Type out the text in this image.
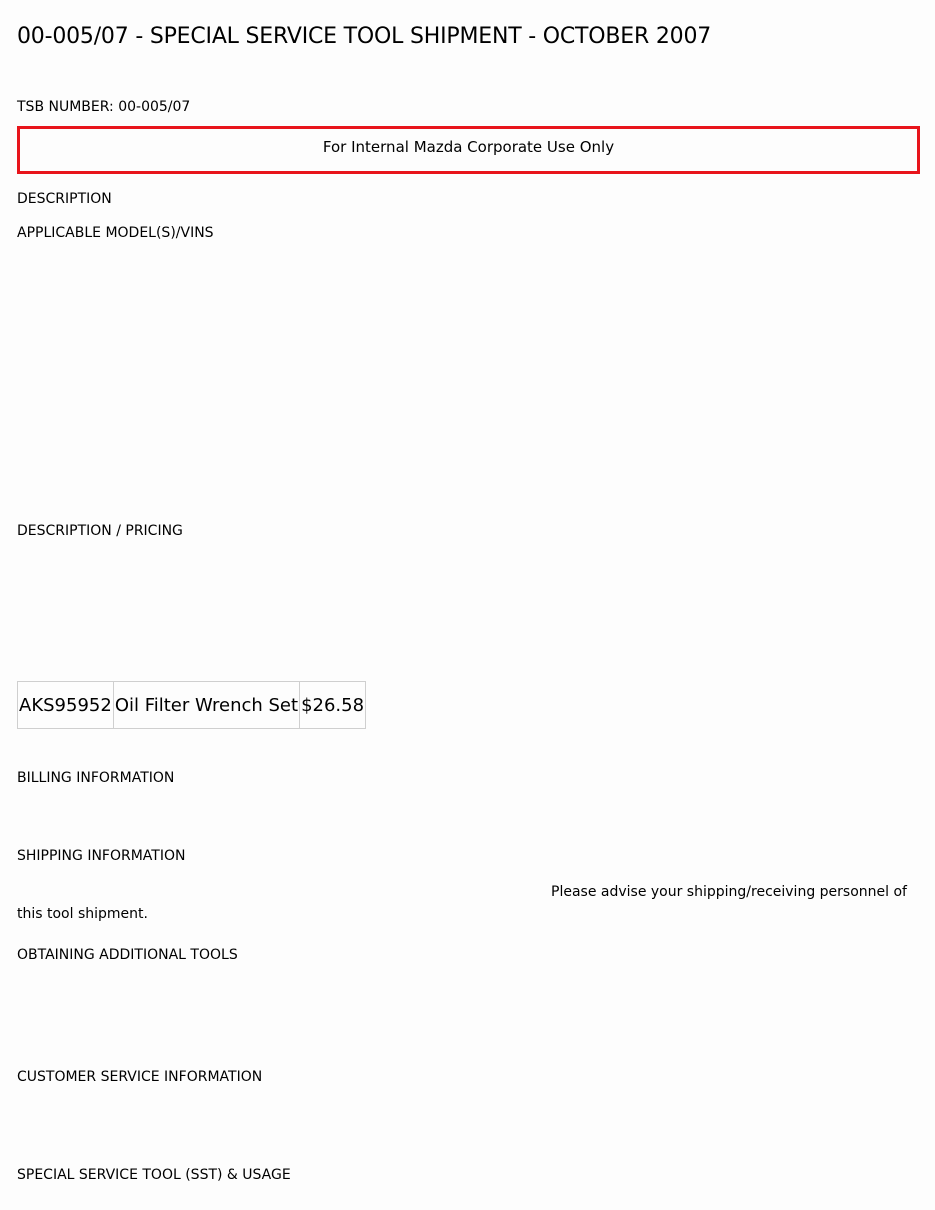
00-005/07 - SPECIAL SERVICE TOOL SHIPMENT - OCTOBER 2007
TSB NUMBER: 00-005/07
For Internal Mazda Corporate Use Only
DESCRIPTION
APPLICABLE MODEL(S)/VINS
DESCRIPTION / PRICING
AKS95952	Oil Filter Wrench Set	$26.58
BILLING INFORMATION
SHIPPING INFORMATION
Please advise your shipping/receiving personnel of this tool shipment.
OBTAINING ADDITIONAL TOOLS
CUSTOMER SERVICE INFORMATION
SPECIAL SERVICE TOOL (SST) & USAGE
